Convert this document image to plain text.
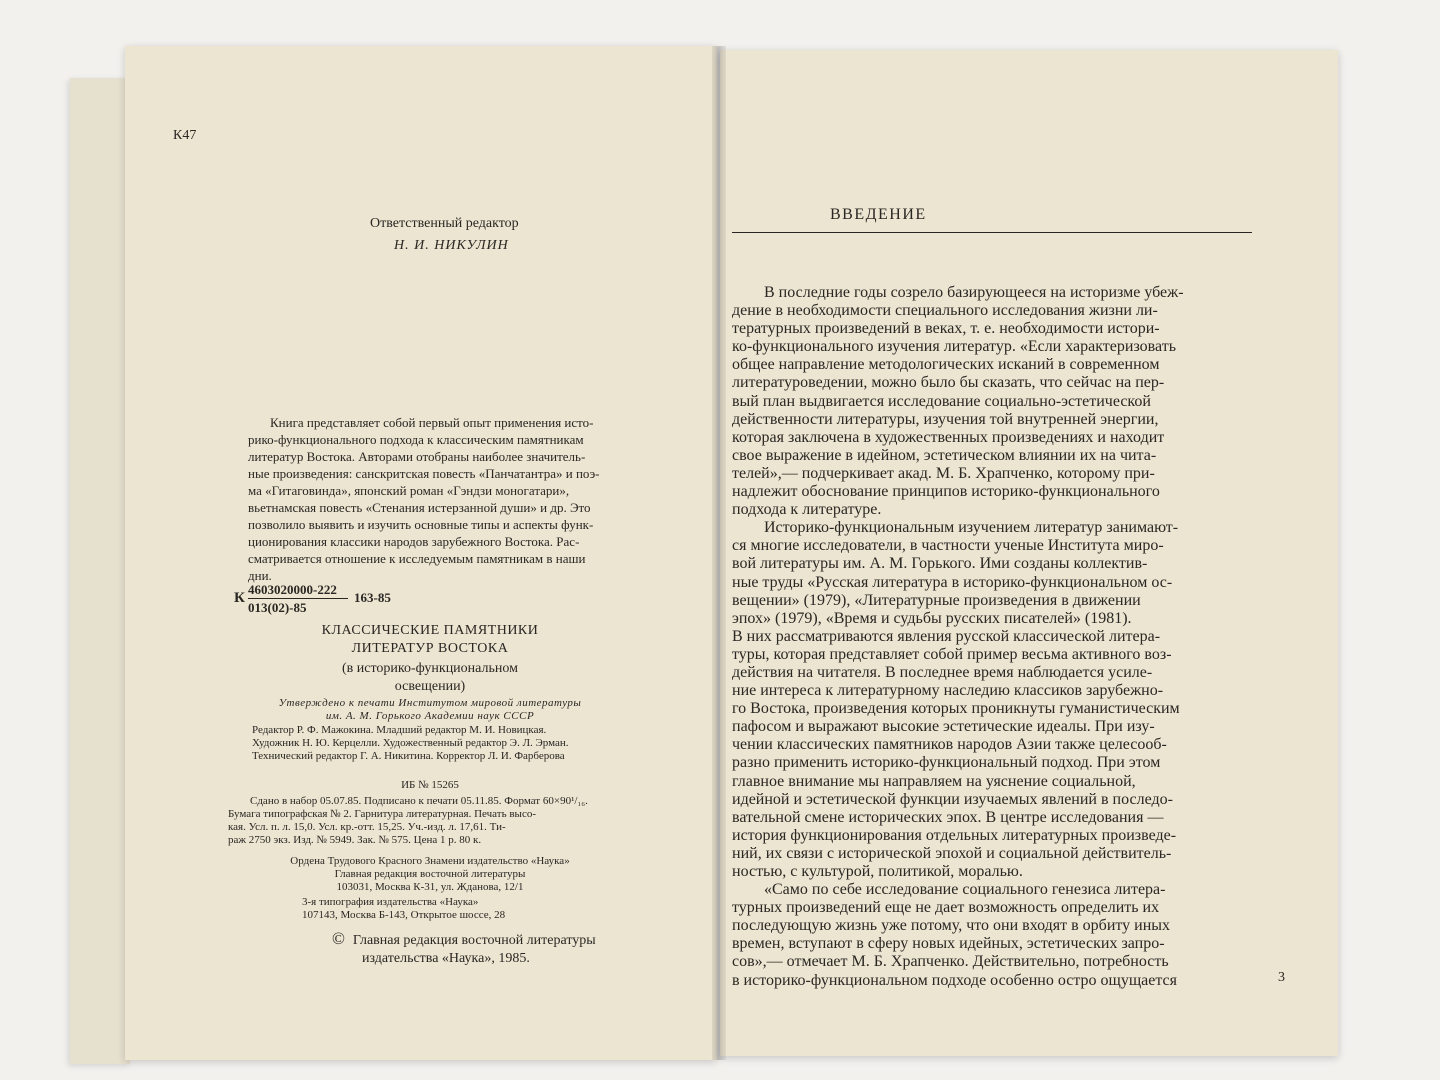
К47
Ответственный редактор
Н. И. НИКУЛИН
Книга представляет собой первый опыт применения исто-
рико-функционального подхода к классическим памятникам
литератур Востока. Авторами отобраны наиболее значитель-
ные произведения: санскритская повесть «Панчатантра» и поэ-
ма «Гитаговинда», японский роман «Гэндзи моногатари»,
вьетнамская повесть «Стенания истерзанной души» и др. Это
позволило выявить и изучить основные типы и аспекты функ-
ционирования классики народов зарубежного Востока. Рас-
сматривается отношение к исследуемым памятникам в наши
дни.
К
4603020000-222
013(02)-85
163-85
КЛАССИЧЕСКИЕ ПАМЯТНИКИ
ЛИТЕРАТУР ВОСТОКА
(в историко-функциональном
освещении)
Утверждено к печати Институтом мировой литературы
им. А. М. Горького Академии наук СССР
Редактор Р. Ф. Мажокина. Младший редактор М. И. Новицкая.
Художник Н. Ю. Керцелли. Художественный редактор Э. Л. Эрман.
Технический редактор Г. А. Никитина. Корректор Л. И. Фарберова
ИБ № 15265
Сдано в набор 05.07.85. Подписано к печати 05.11.85. Формат 60×90¹/₁₆.
Бумага типографская № 2. Гарнитура литературная. Печать высо-
кая. Усл. п. л. 15,0. Усл. кр.-отт. 15,25. Уч.-изд. л. 17,61. Ти-
раж 2750 экз. Изд. № 5949. Зак. № 575. Цена 1 р. 80 к.
Ордена Трудового Красного Знамени издательство «Наука»
Главная редакция восточной литературы
103031, Москва К-31, ул. Жданова, 12/1
3-я типография издательства «Наука»
107143, Москва Б-143, Открытое шоссе, 28
© Главная редакция восточной литературы
издательства «Наука», 1985.
ВВЕДЕНИЕ
В последние годы созрело базирующееся на историзме убеж-
дение в необходимости специального исследования жизни ли-
тературных произведений в веках, т. е. необходимости истори-
ко-функционального изучения литератур. «Если характеризовать
общее направление методологических исканий в современном
литературоведении, можно было бы сказать, что сейчас на пер-
вый план выдвигается исследование социально-эстетической
действенности литературы, изучения той внутренней энергии,
которая заключена в художественных произведениях и находит
свое выражение в идейном, эстетическом влиянии их на чита-
телей»,— подчеркивает акад. М. Б. Храпченко, которому при-
надлежит обоснование принципов историко-функционального
подхода к литературе.
Историко-функциональным изучением литератур занимают-
ся многие исследователи, в частности ученые Института миро-
вой литературы им. А. М. Горького. Ими созданы коллектив-
ные труды «Русская литература в историко-функциональном ос-
вещении» (1979), «Литературные произведения в движении
эпох» (1979), «Время и судьбы русских писателей» (1981).
В них рассматриваются явления русской классической литера-
туры, которая представляет собой пример весьма активного воз-
действия на читателя. В последнее время наблюдается усиле-
ние интереса к литературному наследию классиков зарубежно-
го Востока, произведения которых проникнуты гуманистическим
пафосом и выражают высокие эстетические идеалы. При изу-
чении классических памятников народов Азии также целесооб-
разно применить историко-функциональный подход. При этом
главное внимание мы направляем на уяснение социальной,
идейной и эстетической функции изучаемых явлений в последо-
вательной смене исторических эпох. В центре исследования —
история функционирования отдельных литературных произведе-
ний, их связи с исторической эпохой и социальной действитель-
ностью, с культурой, политикой, моралью.
«Само по себе исследование социального генезиса литера-
турных произведений еще не дает возможность определить их
последующую жизнь уже потому, что они входят в орбиту иных
времен, вступают в сферу новых идейных, эстетических запро-
сов»,— отмечает М. Б. Храпченко. Действительно, потребность
в историко-функциональном подходе особенно остро ощущается	3
